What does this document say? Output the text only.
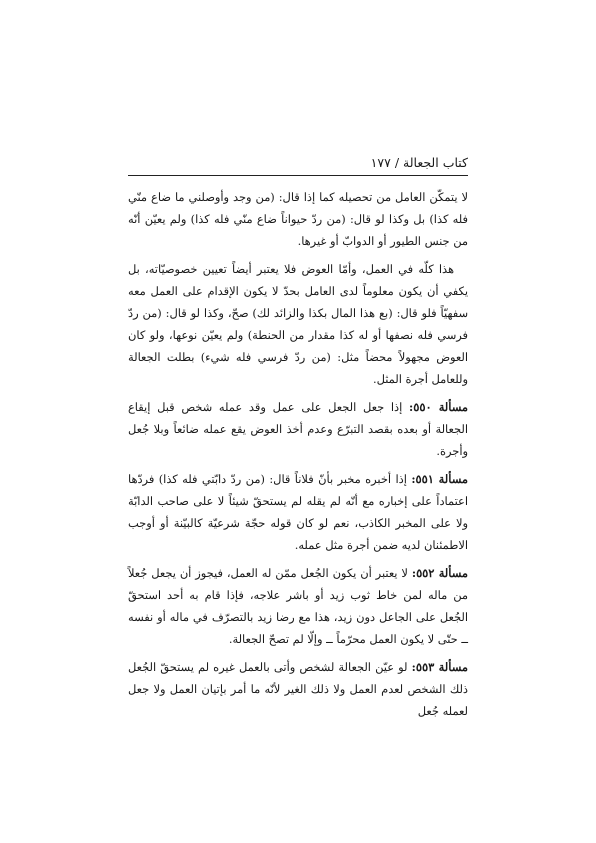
كتاب الجعالة / ١٧٧

لا يتمكّن العامل من تحصيله كما إذا قال: (من وجد وأوصلني ما ضاع منّي فله كذا) بل وكذا لو قال: (من ردّ حيواناً ضاع منّي فله كذا) ولم يعيّن أنّه من جنس الطيور أو الدوابّ أو غيرها.

هذا كلّه في العمل، وأمّا العوض فلا يعتبر أيضاً تعيين خصوصيّاته، بل يكفي أن يكون معلوماً لدى العامل بحدّ لا يكون الإقدام على العمل معه سفهيّاً فلو قال: (بع هذا المال بكذا والزائد لك) صحّ، وكذا لو قال: (من ردّ فرسي فله نصفها أو له كذا مقدار من الحنطة) ولم يعيّن نوعها، ولو كان العوض مجهولاً محضاً مثل: (من ردّ فرسي فله شيء) بطلت الجعالة وللعامل أجرة المثل.

مسألة ٥٥٠: إذا جعل الجعل على عمل وقد عمله شخص قبل إيقاع الجعالة أو بعده بقصد التبرّع وعدم أخذ العوض يقع عمله ضائعاً وبلا جُعل وأجرة.

مسألة ٥٥١: إذا أخبره مخبر بأنّ فلاناً قال: (من ردّ دابّتي فله كذا) فردّها اعتماداً على إخباره مع أنّه لم يقله لم يستحقّ شيئاً لا على صاحب الدابّة ولا على المخبر الكاذب، نعم لو كان قوله حجّة شرعيّة كالبيّنة أو أوجب الاطمئنان لديه ضمن أجرة مثل عمله.

مسألة ٥٥٢: لا يعتبر أن يكون الجُعل ممّن له العمل، فيجوز أن يجعل جُعلاً من ماله لمن خاط ثوب زيد أو باشر علاجه، فإذا قام به أحد استحقّ الجُعل على الجاعل دون زيد، هذا مع رضا زيد بالتصرّف في ماله أو نفسه ــ حتّى لا يكون العمل محرّماً ــ وإلّا لم تصحّ الجعالة.

مسألة ٥٥٣: لو عيّن الجعالة لشخص وأتى بالعمل غيره لم يستحقّ الجُعل ذلك الشخص لعدم العمل ولا ذلك الغير لأنّه ما أمر بإتيان العمل ولا جعل لعمله جُعل
